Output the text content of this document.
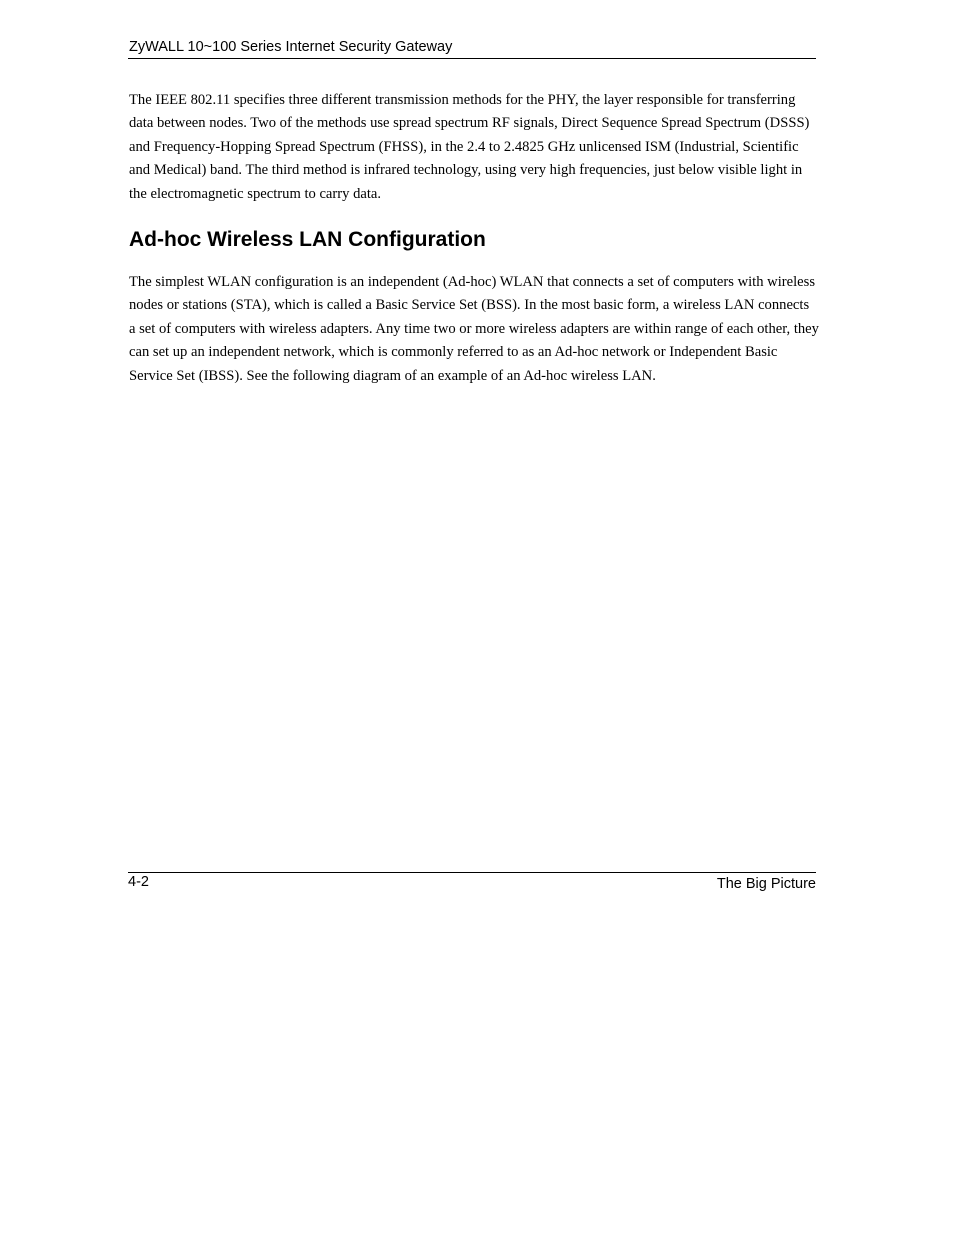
ZyWALL 10~100 Series Internet Security Gateway

The IEEE 802.11 specifies three different transmission methods for the PHY, the layer responsible for transferring data between nodes. Two of the methods use spread spectrum RF signals, Direct Sequence Spread Spectrum (DSSS) and Frequency-Hopping Spread Spectrum (FHSS), in the 2.4 to 2.4825 GHz unlicensed ISM (Industrial, Scientific and Medical) band. The third method is infrared technology, using very high frequencies, just below visible light in the electromagnetic spectrum to carry data.

Ad-hoc Wireless LAN Configuration

The simplest WLAN configuration is an independent (Ad-hoc) WLAN that connects a set of computers with wireless nodes or stations (STA), which is called a Basic Service Set (BSS). In the most basic form, a wireless LAN connects a set of computers with wireless adapters. Any time two or more wireless adapters are within range of each other, they can set up an independent network, which is commonly referred to as an Ad-hoc network or Independent Basic Service Set (IBSS). See the following diagram of an example of an Ad-hoc wireless LAN.

4-2	The Big Picture
